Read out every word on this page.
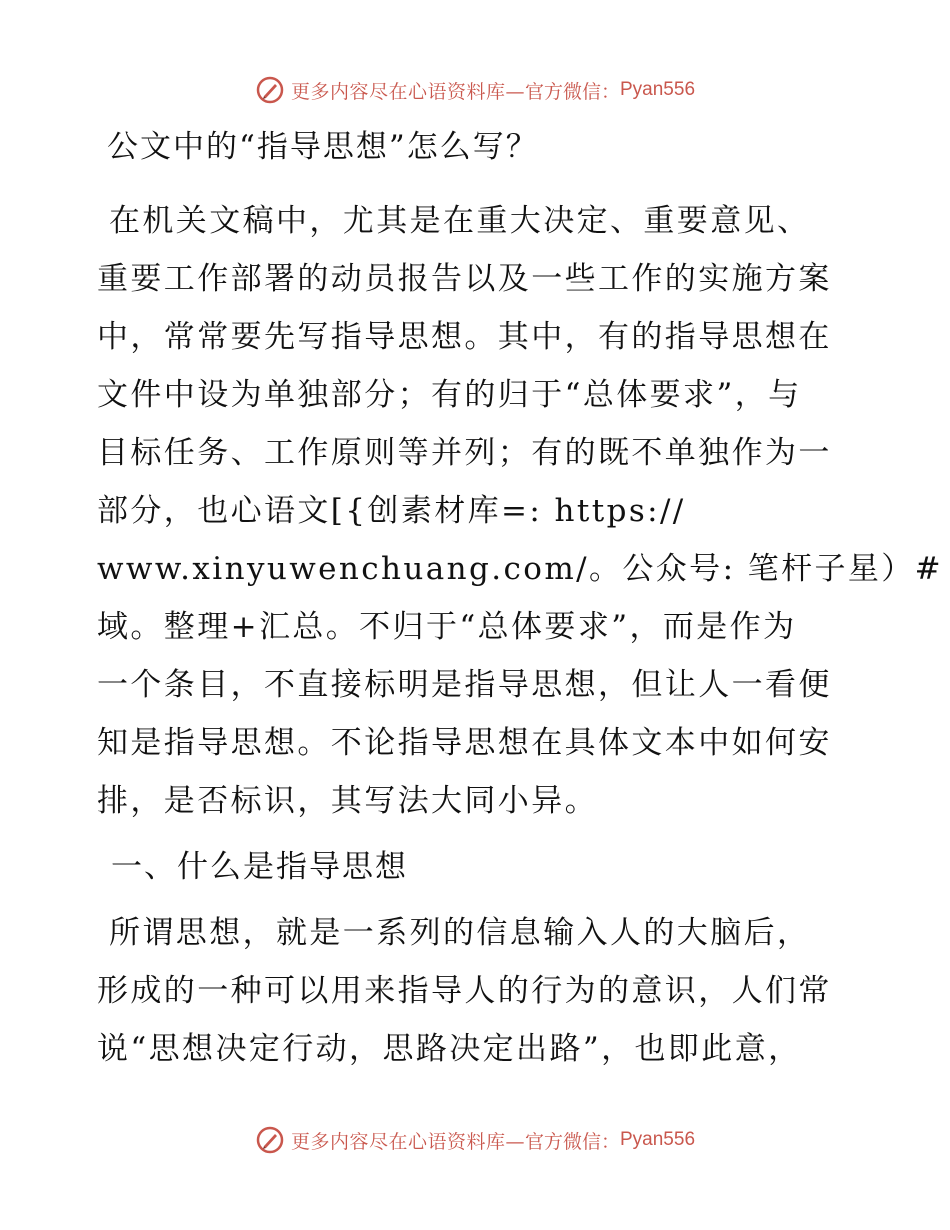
更多内容尽在心语资料库— 官方微信： Pyan556
公文中的“指导思想”怎么写？
在机关文稿中，尤其是在重大决定、重要意见、
重要工作部署的动员报告以及一些工作的实施方案
中，常常要先写指导思想。其中，有的指导思想在
文件中设为单独部分；有的归于“总体要求”，与
目标任务、工作原则等并列；有的既不单独作为一
部分，也心语文[{创素材库=: https://
www.xinyuwenchuang.com/。公众号: 笔杆子星）#
域。整理+汇总。不归于“总体要求”，而是作为
一个条目，不直接标明是指导思想，但让人一看便
知是指导思想。不论指导思想在具体文本中如何安
排，是否标识，其写法大同小异。
一、什么是指导思想
所谓思想，就是一系列的信息输入人的大脑后，
形成的一种可以用来指导人的行为的意识，人们常
说“思想决定行动，思路决定出路”，也即此意，
更多内容尽在心语资料库— 官方微信： Pyan556
